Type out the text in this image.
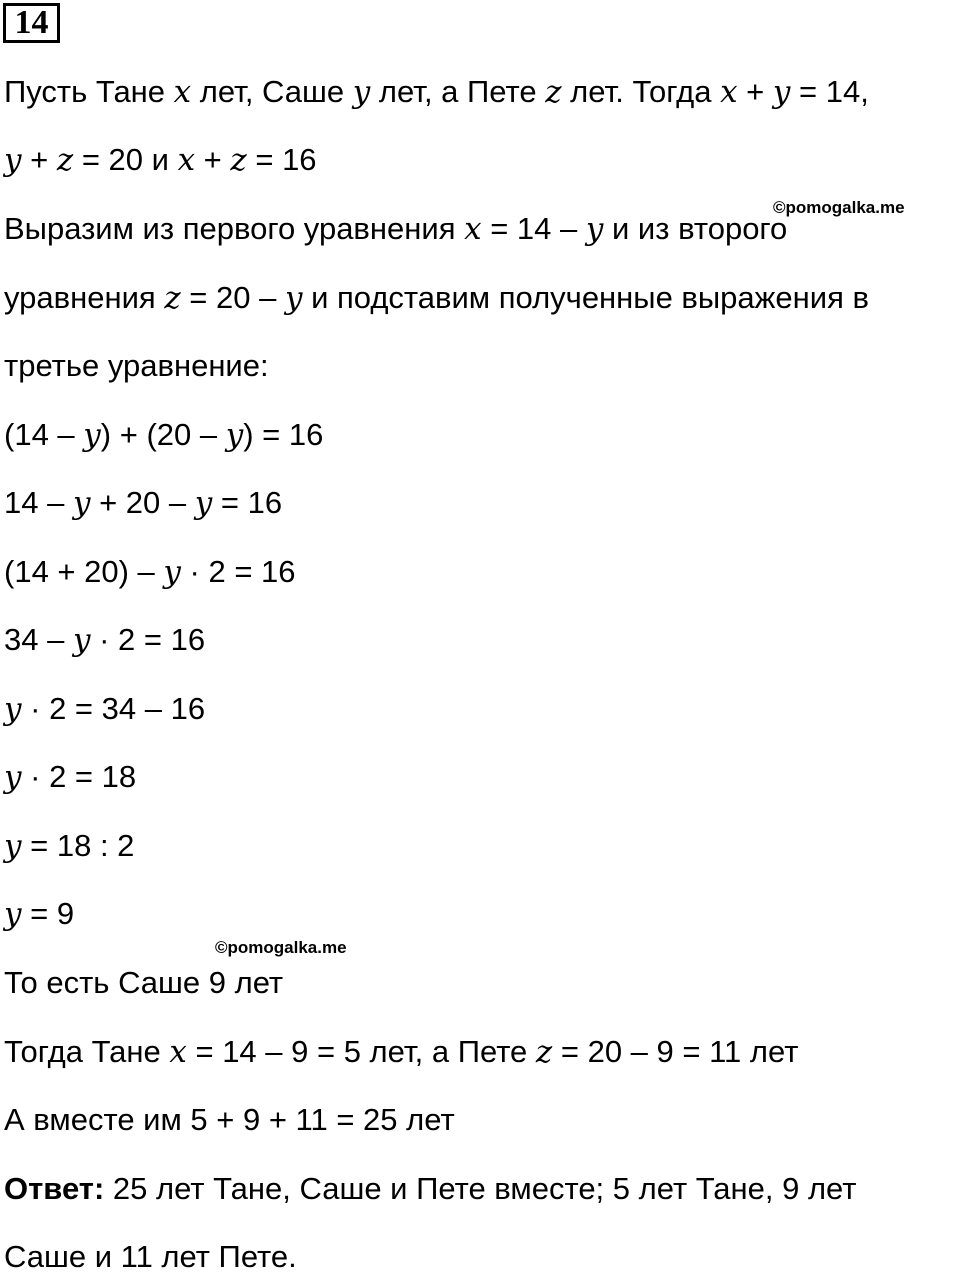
14
©pomogalka.me
©pomogalka.me
Пусть Тане x лет, Саше y лет, а Пете z лет. Тогда x + y = 14,
y + z = 20 и x + z = 16
Выразим из первого уравнения x = 14 – y и из второго
уравнения z = 20 – y и подставим полученные выражения в
третье уравнение:
(14 – y) + (20 – y) = 16
14 – y + 20 – y = 16
(14 + 20) – y · 2 = 16
34 – y · 2 = 16
y · 2 = 34 – 16
y · 2 = 18
y = 18 : 2
y = 9
То есть Саше 9 лет
Тогда Тане x = 14 – 9 = 5 лет, а Пете z = 20 – 9 = 11 лет
А вместе им 5 + 9 + 11 = 25 лет
Ответ: 25 лет Тане, Саше и Пете вместе; 5 лет Тане, 9 лет
Саше и 11 лет Пете.
